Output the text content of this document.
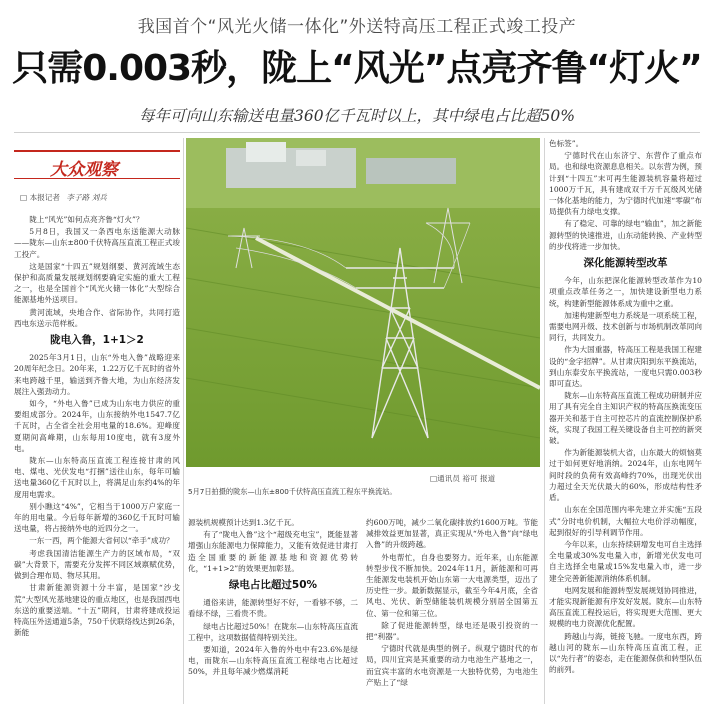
我国首个“风光火储一体化”外送特高压工程正式竣工投产
只需0.003秒，陇上“风光”点亮齐鲁“灯火”
每年可向山东输送电量360亿千瓦时以上，其中绿电占比超50%
大众观察
□ 本报记者 李子路 刘兵

陇上“风光”如何点亮齐鲁“灯火”？

5月8日，我国又一条西电东送能源大动脉——陇东—山东±800千伏特高压直流工程正式竣工投产。

这是国家“十四五”规划纲要、黄河流域生态保护和高质量发展规划纲要确定实施的重大工程之一，也是全国首个“风光火储一体化”大型综合能源基地外送项目。

黄河流域，央地合作、省际协作，共同打造西电东送示范样板。

陇电入鲁，1+1＞2

2025年3月1日，山东“外电入鲁”战略迎来20周年纪念日。20年来，1.22万亿千瓦时的省外来电跨越千里，输送到齐鲁大地，为山东经济发展注入强劲动力。

如今，“外电入鲁”已成为山东电力供应的重要组成部分。2024年，山东接纳外电1547.7亿千瓦时，占全省全社会用电量的18.6%。迎峰度夏期间高峰期，山东每用10度电，就有3度外电。

陇东—山东特高压直流工程连接甘肃的风电、煤电、光伏发电“打捆”送往山东，每年可输送电量360亿千瓦时以上，将满足山东约4%的年度用电需求。

别小瞧这“4%”，它相当于1000万户家庭一年的用电量。今后每年新增的360亿千瓦时可输送电量，将占接纳外电的近四分之一。

一东一西，两个能源大省何以“牵手”成功？

考虑我国清洁能源生产力的区域布局，“双碳”大背景下，需要充分发挥不同区域禀赋优势，做到合理布局、物尽其用。

甘肃新能源资源十分丰富，是国家“沙戈荒”大型风光基地建设的重点地区，也是我国西电东送的重要送端。“十五”期间，甘肃将建成投运特高压外送通道5条，750千伏联络线达到26条，新能

□通讯员 裕可 报道
5月7日拍摄的陇东—山东±800千伏特高压直流工程东平换流站。

源装机规模预计达到1.3亿千瓦。

有了“陇电入鲁”这个“超级充电宝”，既能显著增强山东能源电力保障能力，又能有效促进甘肃打造全国重要的新能源基地和资源优势转化，“1+1>2”的效果更加彰显。

绿电占比超过50%

通俗来讲，能源转型好不好，一看够不够，二看绿不绿，三看贵不贵。

绿电占比超过50%！在陇东—山东特高压直流工程中，这项数据值得特别关注。

要知道，2024年入鲁的外电中有23.6%是绿电，而陇东—山东特高压直流工程绿电占比超过50%，并且每年减少燃煤消耗

约600万吨，减少二氧化碳排放约1600万吨。节能减排效益更加显著，真正实现从“外电入鲁”向“绿电入鲁”的升级跨越。

外电帮忙，自身也要努力。近年来，山东能源转型步伐不断加快。2024年11月，新能源和可再生能源发电装机开始山东第一大电源类型，迈出了历史性一步。最新数据显示，截至今年4月底，全省风电、光伏、新型储能装机规模分别居全国第五位、第一位和第三位。

除了促进能源转型，绿电还是吸引投资的一把“利器”。

宁德时代就是典型的例子。纵观宁德时代的布局，四川宜宾是其重要的动力电池生产基地之一，而宜宾丰富的水电资源是一大独特优势，为电池生产贴上了“绿

色标签”。

宁德时代在山东济宁、东营作了重点布局。也和绿电资源息息相关。以东营为例，预计到“十四五”末可再生能源装机容量将超过1000万千瓦，具有建成双千万千瓦级风光储一体化基地的能力，为宁德时代加速“零碳”布局提供有力绿电支撑。

有了稳定、可靠的绿电“输血”，加之新能源转型的快速推进，山东动能转换、产业转型的步伐将进一步加快。

深化能源转型改革

今年，山东把深化能源转型改革作为10项重点改革任务之一，加快建设新型电力系统，构建新型能源体系成为重中之重。

加速构建新型电力系统是一项系统工程，需要电网升级、技术创新与市场机制改革同向同行，共同发力。

作为大国重器，特高压工程是我国工程建设的“金字招牌”。从甘肃庆阳到东平换流站，到山东泰安东平换流站，一度电只需0.003秒即可直达。

陇东—山东特高压直流工程成功研制并应用了具有完全自主知识产权的特高压换流变压器开关和基于自主可控芯片的直流控制保护系统，实现了我国工程关键设备自主可控的新突破。

作为新能源装机大省，山东最大的烦恼莫过于如何更好地消纳。2024年，山东电网午间时段的负荷有效高峰约70%，出现光伏出力超过全天光伏最大的60%，形成结构性矛盾。

山东在全国范围内率先建立并实施“五段式”分时电价机制，大幅拉大电价浮动幅度，起到很好的引导利调节作用。

今年以来，山东持续研增发电可自主选择全电量或30%发电量入市，新增光伏发电可自主选择全电量或15%发电量入市，进一步建全完善新能源消纳体系机制。

电网发展和能源转型发展规划协同推进，才能实现新能源有序发好发展。陇东—山东特高压直流工程投运后，将实现更大范围、更大规模的电力资源优化配置。

跨越山与海，链接飞驰。一度电东西，跨越山河的陇东—山东特高压直流工程，正以“先行者”的姿态，走在能源保供和转型队伍的前列。
